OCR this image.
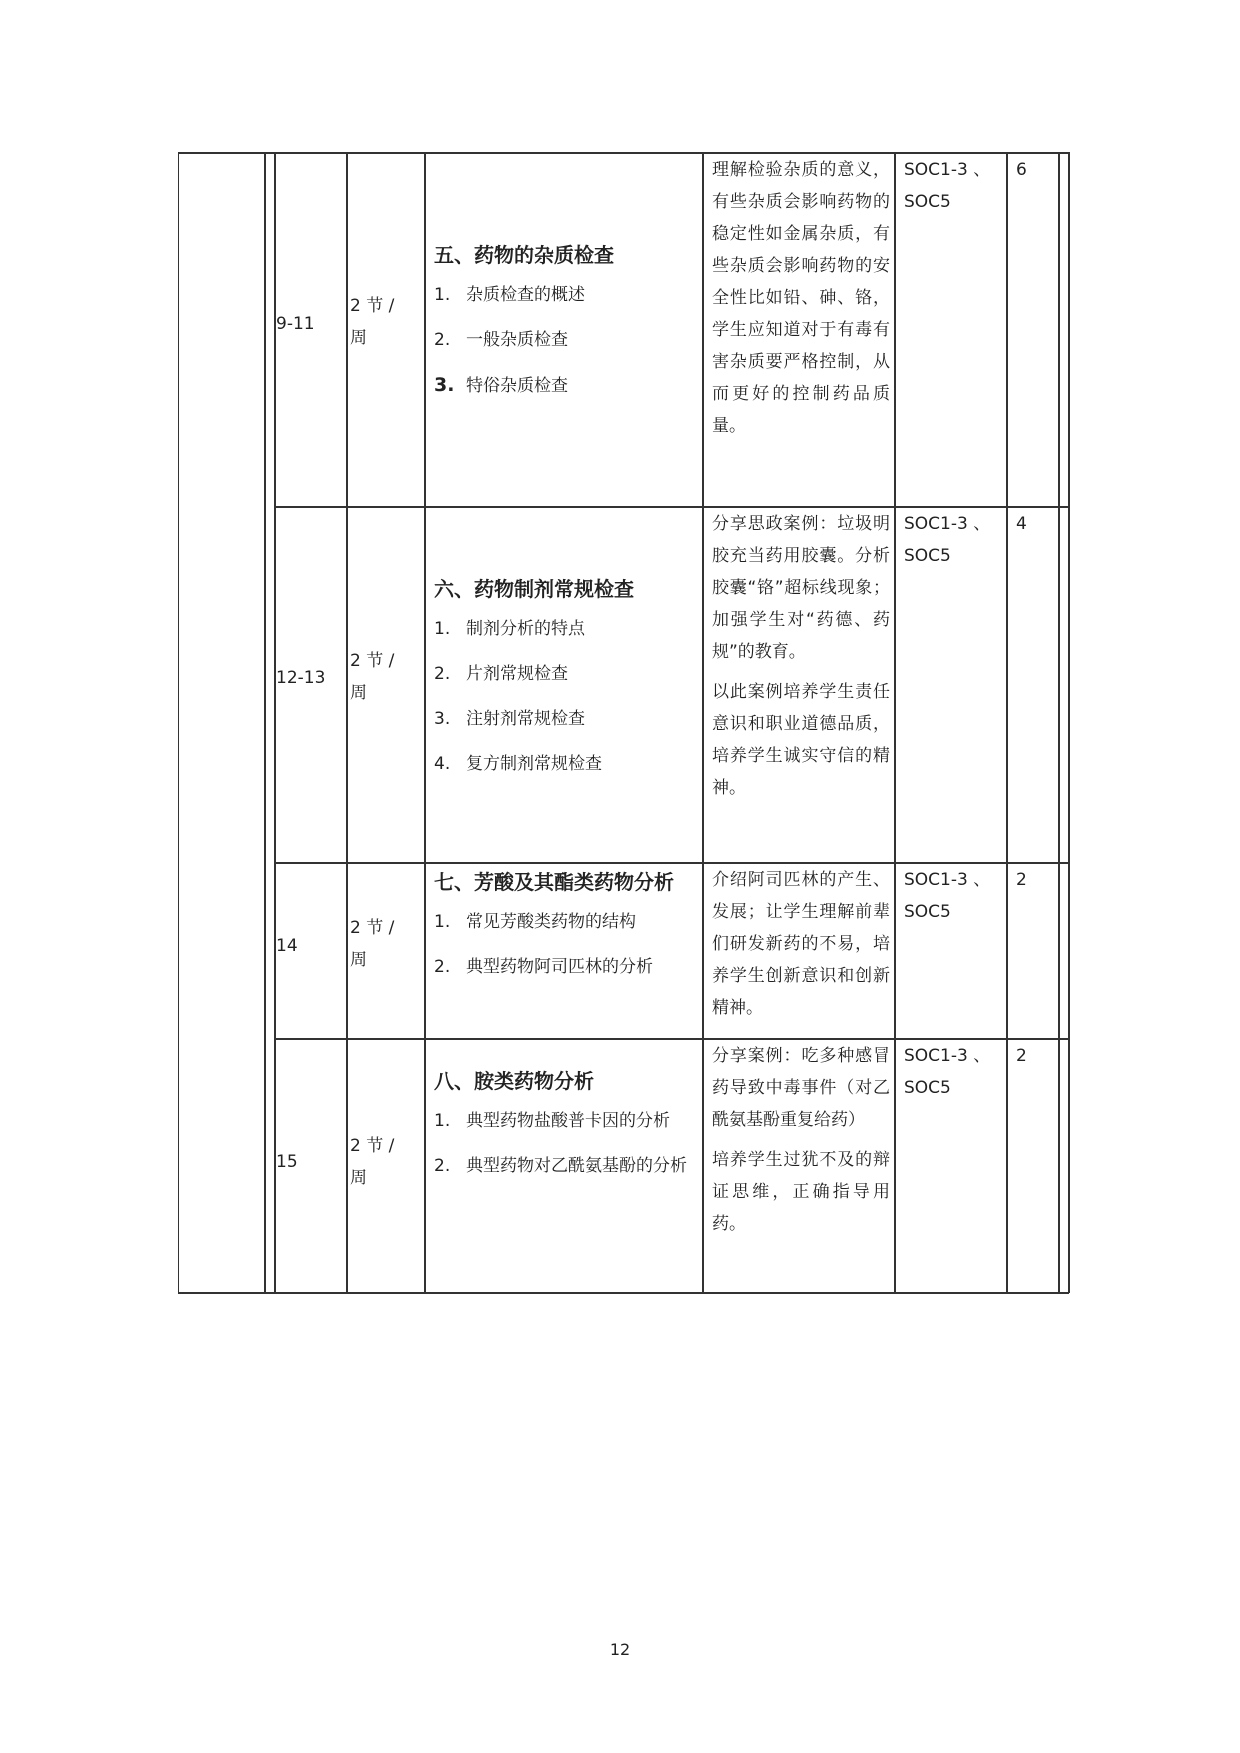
9-11
2 节 / 周
五、药物的杂质检查
1. 杂质检查的概述
2. 一般杂质检查
3. 特俗杂质检查
理解检验杂质的意义，有些杂质会影响药物的稳定性如金属杂质，有些杂质会影响药物的安全性比如铅、砷、铬，学生应知道对于有毒有害杂质要严格控制，从而更好的控制药品质量。
SOC1-3 、SOC5
6
12-13
2 节 / 周
六、药物制剂常规检查
1. 制剂分析的特点
2. 片剂常规检查
3. 注射剂常规检查
4. 复方制剂常规检查
分享思政案例：垃圾明胶充当药用胶囊。分析胶囊“铬”超标线现象；加强学生对“药德、药规”的教育。
以此案例培养学生责任意识和职业道德品质，培养学生诚实守信的精神。
SOC1-3 、SOC5
4
14
2 节 / 周
七、芳酸及其酯类药物分析
1. 常见芳酸类药物的结构
2. 典型药物阿司匹林的分析
介绍阿司匹林的产生、发展；让学生理解前辈们研发新药的不易，培养学生创新意识和创新精神。
SOC1-3 、SOC5
2
15
2 节 / 周
八、胺类药物分析
1. 典型药物盐酸普卡因的分析
2. 典型药物对乙酰氨基酚的分析
分享案例：吃多种感冒药导致中毒事件（对乙酰氨基酚重复给药）
培养学生过犹不及的辩证思维，正确指导用药。
SOC1-3 、SOC5
2
12
